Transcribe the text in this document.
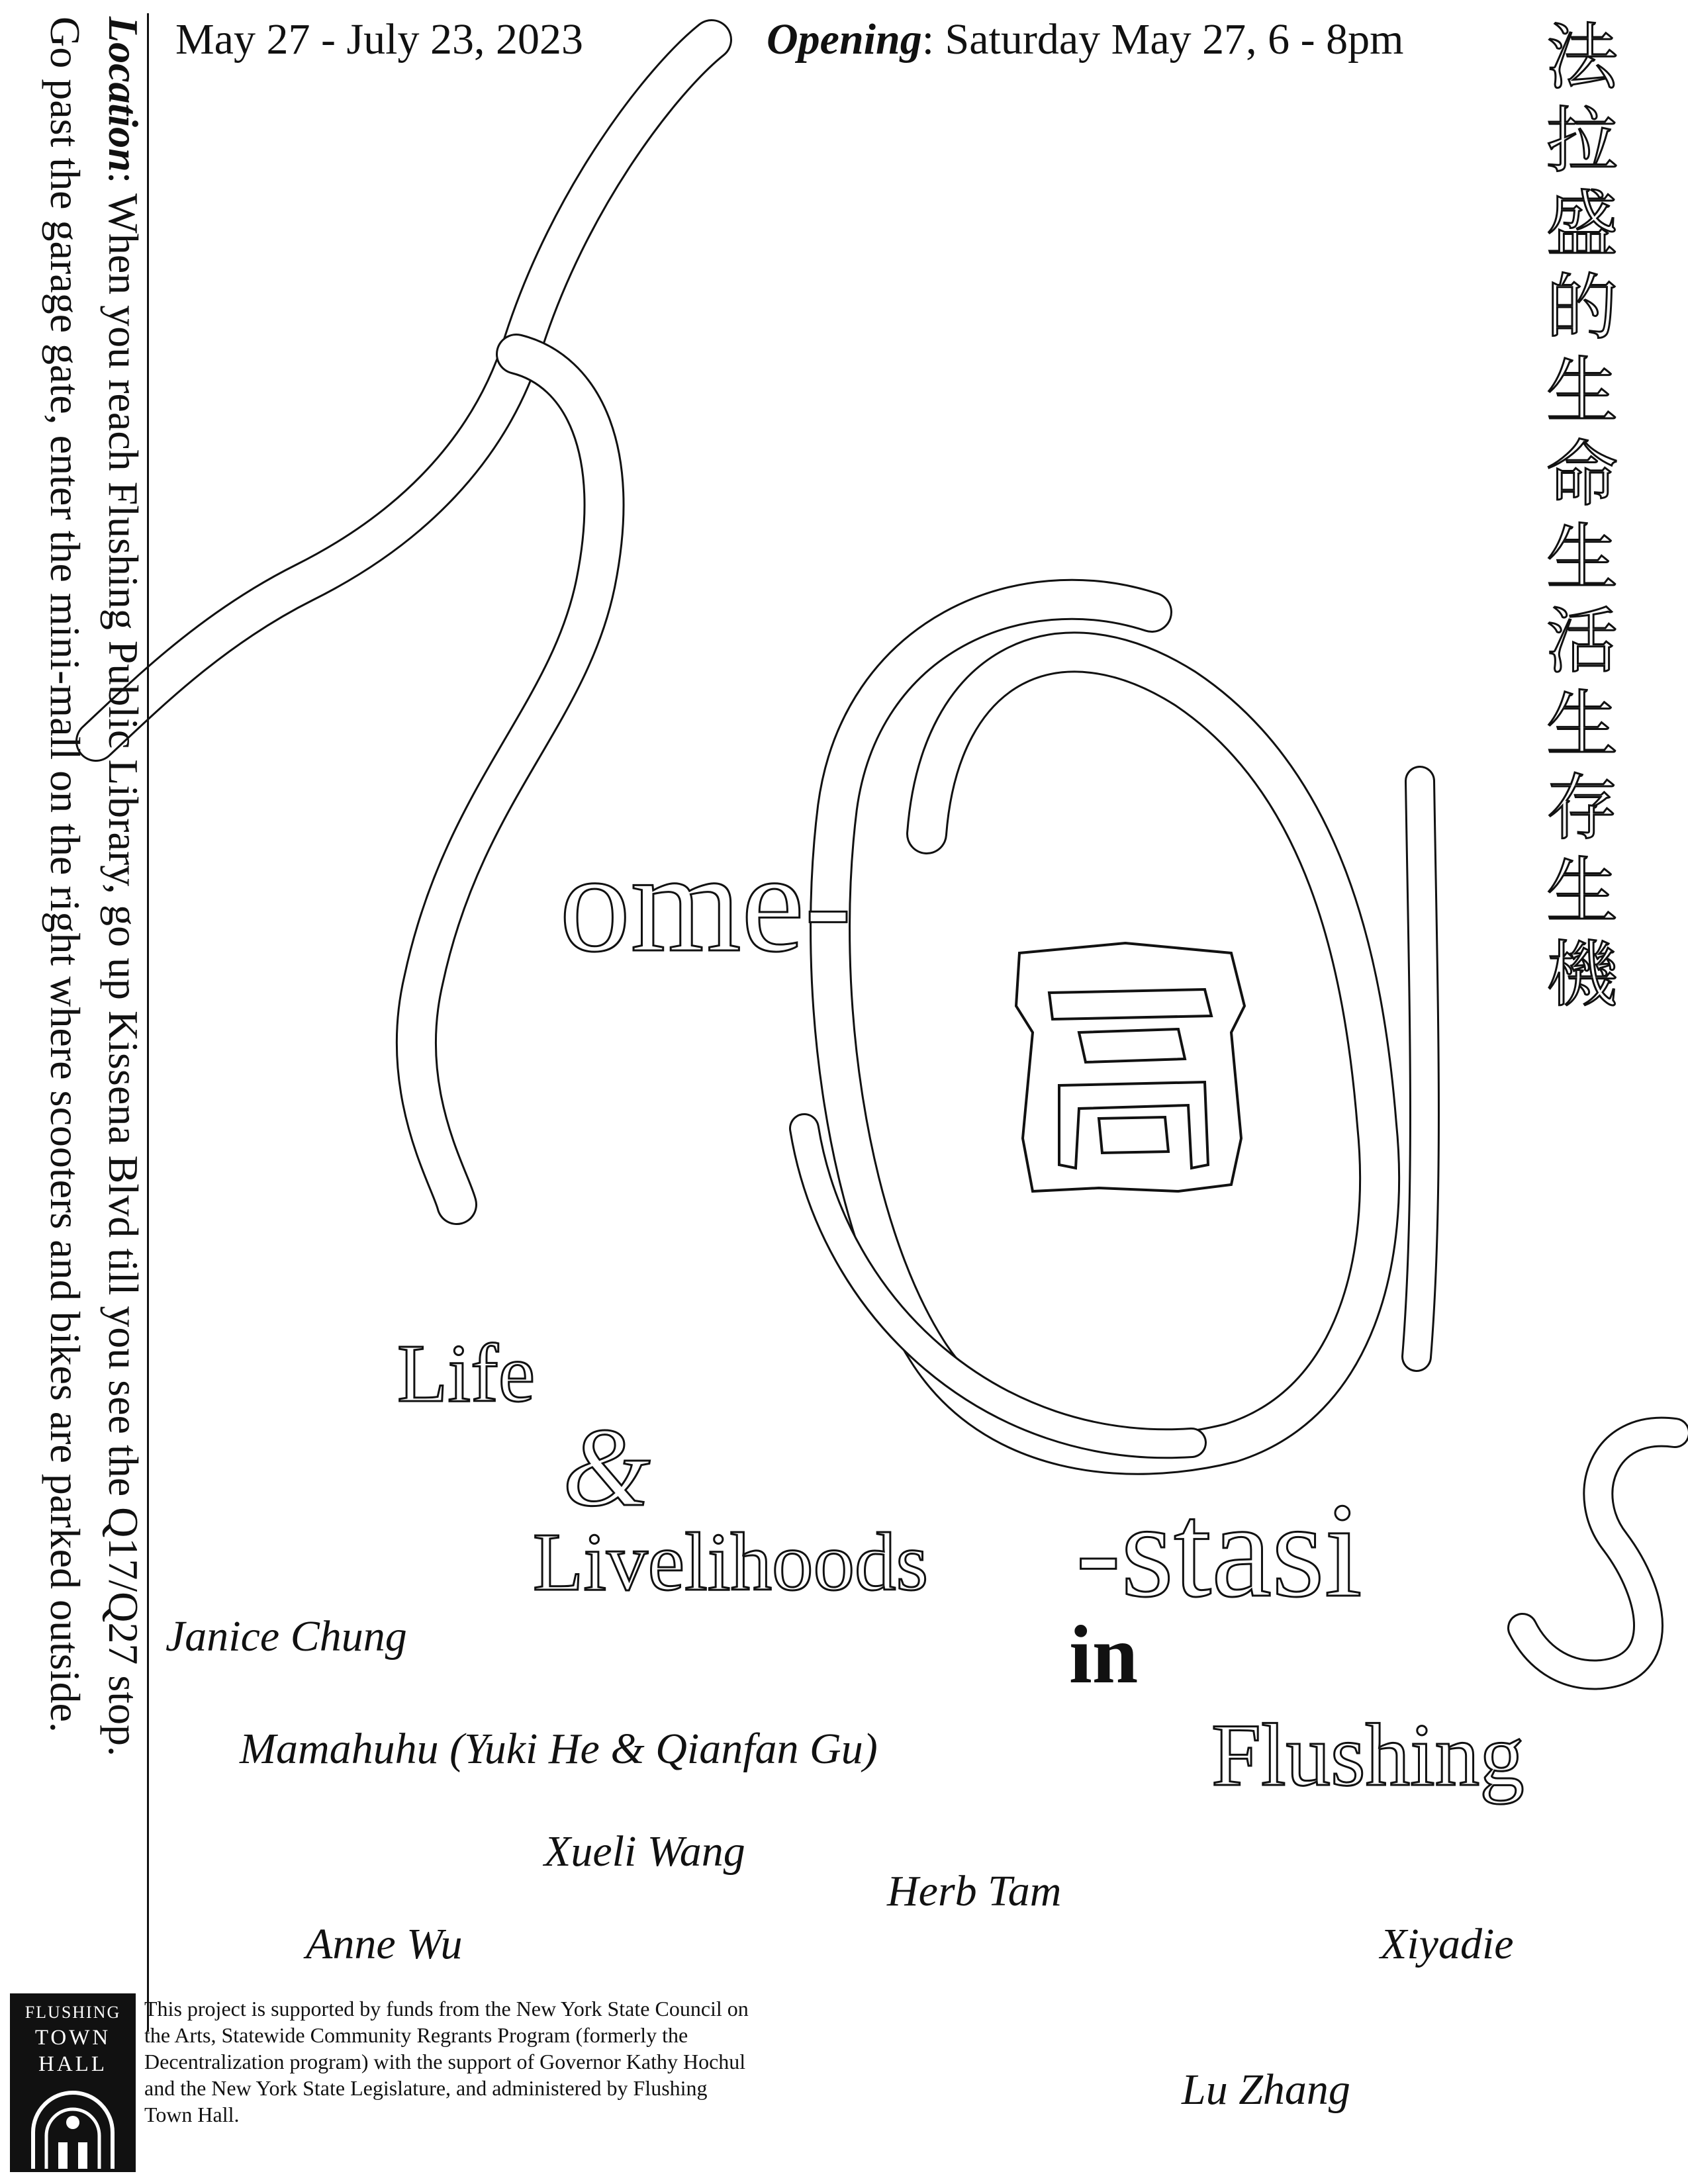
May 27 - July 23, 2023	Opening: Saturday May 27, 6 - 8pm
Location: When you reach Flushing Public Library, go up Kissena Blvd till you see the Q17/Q27 stop.
Go past the garage gate, enter the mini-mall on the right where scooters and bikes are parked outside.	法
拉
盛
的
生
命
生
活
生
存
生
機
ome-
-stasi
Life
&
Livelihoods
in
Flushing
Janice Chung
Mamahuhu (Yuki He & Qianfan Gu)
Xueli Wang
Herb Tam
Anne Wu	Xiyadie
Lu Zhang
FLUSHING
TOWN
HALL
This project is supported by funds from the New York State Council on the Arts, Statewide Community Regrants Program (formerly the Decentralization program) with the support of Governor Kathy Hochul and the New York State Legislature, and administered by Flushing Town Hall.
